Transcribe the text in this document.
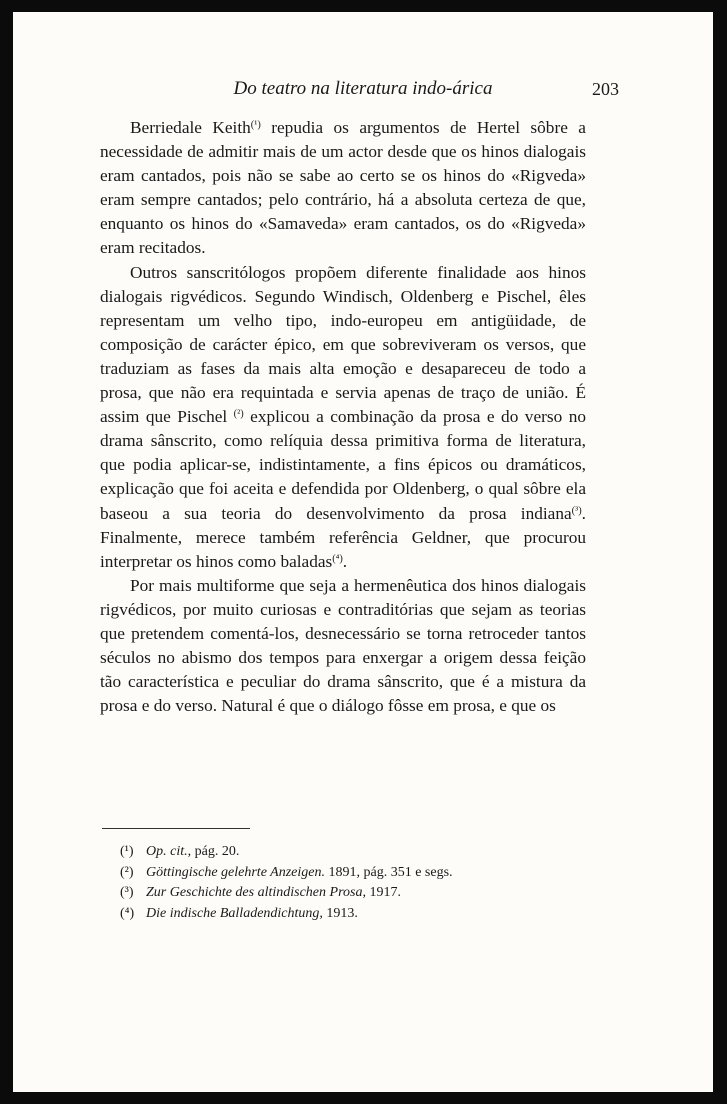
Do teatro na literatura indo-árica	203

Berriedale Keith$^{(^1)}$ repudia os argumentos de Hertel sôbre a necessidade de admitir mais de um actor desde que os hinos dialogais eram cantados, pois não se sabe ao certo se os hinos do «Rigveda» eram sempre cantados; pelo contrário, há a absoluta certeza de que, enquanto os hinos do «Samaveda» eram cantados, os do «Rigveda» eram recitados.

Outros sanscritólogos propõem diferente finalidade aos hinos dialogais rigvédicos. Segundo Windisch, Oldenberg e Pischel, êles representam um velho tipo, indo-europeu em antigüidade, de composição de carácter épico, em que sobreviveram os versos, que traduziam as fases da mais alta emoção e desapareceu de todo a prosa, que não era requintada e servia apenas de traço de união. É assim que Pischel $^{(^2)}$ explicou a combinação da prosa e do verso no drama sânscrito, como relíquia dessa primitiva forma de literatura, que podia aplicar-se, indistintamente, a fins épicos ou dramáticos, explicação que foi aceita e defendida por Oldenberg, o qual sôbre ela baseou a sua teoria do desenvolvimento da prosa indiana$^{(^3)}$. Finalmente, merece também referência Geldner, que procurou interpretar os hinos como baladas$^{(^4)}$.

Por mais multiforme que seja a hermenêutica dos hinos dialogais rigvédicos, por muito curiosas e contraditórias que sejam as teorias que pretendem comentá-los, desnecessário se torna retroceder tantos séculos no abismo dos tempos para enxergar a origem dessa feição tão característica e peculiar do drama sânscrito, que é a mistura da prosa e do verso. Natural é que o diálogo fôsse em prosa, e que os

(¹) Op. cit., pág. 20.
(²) Göttingische gelehrte Anzeigen. 1891, pág. 351 e segs.
(³) Zur Geschichte des altindischen Prosa, 1917.
(⁴) Die indische Balladendichtung, 1913.
